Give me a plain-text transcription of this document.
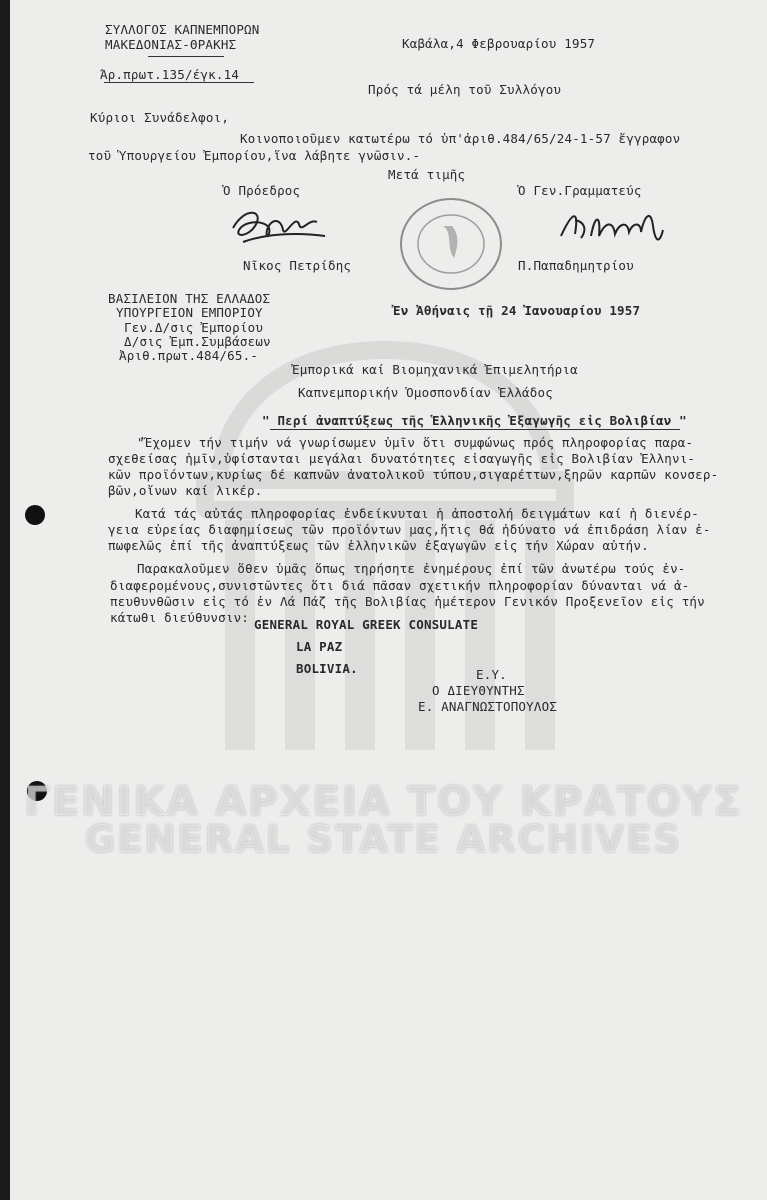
ΣΥΛΛΟΓΟΣ ΚΑΠΝΕΜΠΟΡΩΝ
ΜΑΚΕΔΟΝΙΑΣ-ΘΡΑΚΗΣ
Άρ.πρωτ.135/έγκ.14
Καβάλα,4 Φεβρουαρίου 1957
Πρός τά μέλη τοῦ Συλλόγου
Κύριοι Συνάδελφοι,
Κοινοποιοῦμεν κατωτέρω τό ὑπ'ἀριθ.484/65/24-1-57 ἔγγραφον
τοῦ Ὑπουργείου Ἐμπορίου,ἵνα λάβητε γνῶσιν.-
Μετά τιμῆς
Ὁ Πρόεδρος	Ὁ Γεν.Γραμματεύς
Νῖκος Πετρίδης	Π.Παπαδημητρίου
ΒΑΣΙΛΕΙΟΝ ΤΗΣ ΕΛΛΑΔΟΣ
ΥΠΟΥΡΓΕΙΟΝ ΕΜΠΟΡΙΟΥ
Γεν.Δ/σις Ἐμπορίου
Δ/σις Ἐμπ.Συμβάσεων
Ἀριθ.πρωτ.484/65.-
Ἐν Ἀθήναις τῇ 24 Ἰανουαρίου 1957
Ἐμπορικά καί Βιομηχανικά Ἐπιμελητήρια
Καπνεμπορικήν Ὁμοσπονδίαν Ἑλλάδος
" Περί ἀναπτύξεως τῆς Ἑλληνικῆς Ἐξαγωγῆς εἰς Βολιβίαν "
"Ἔχομεν τήν τιμήν νά γνωρίσωμεν ὑμῖν ὅτι συμφώνως πρός πληροφορίας παρα-
σχεθείσας ἡμῖν,ὑφίστανται μεγάλαι δυνατότητες εἰσαγωγῆς εἰς Βολιβίαν Ἑλληνι-
κῶν προϊόντων,κυρίως δέ καπνῶν ἀνατολικοῦ τύπου,σιγαρέττων,ξηρῶν καρπῶν κονσερ-
βῶν,οἴνων καί λικέρ.
Κατά τάς αὐτάς πληροφορίας ἐνδείκνυται ἡ ἀποστολή δειγμάτων καί ἡ διενέρ-
γεια εὐρείας διαφημίσεως τῶν προϊόντων μας,ἥτις θά ἠδύνατο νά ἐπιδράση λίαν ἐ-
πωφελῶς ἐπί τῆς ἀναπτύξεως τῶν ἑλληνικῶν ἐξαγωγῶν εἰς τήν Χώραν αὐτήν.
Παρακαλοῦμεν ὅθεν ὑμᾶς ὅπως τηρήσητε ἐνημέρους ἐπί τῶν ἀνωτέρω τούς ἐν-
διαφερομένους,συνιστῶντες ὅτι διά πᾶσαν σχετικήν πληροφορίαν δύνανται νά ἀ-
πευθυνθῶσιν εἰς τό ἐν Λά Πάζ τῆς Βολιβίας ἡμέτερον Γενικόν Προξενεῖον εἰς τήν
κάτωθι διεύθυνσιν: GENERAL ROYAL GREEK CONSULATE
LA PAZ
BOLIVIA.	Ε.Υ.
Ο ΔΙΕΥΘΥΝΤΗΣ
Ε. ΑΝΑΓΝΩΣΤΟΠΟΥΛΟΣ
ΓΕΝΙΚΑ ΑΡΧΕΙΑ ΤΟΥ ΚΡΑΤΟΥΣ
GENERAL STATE ARCHIVES
